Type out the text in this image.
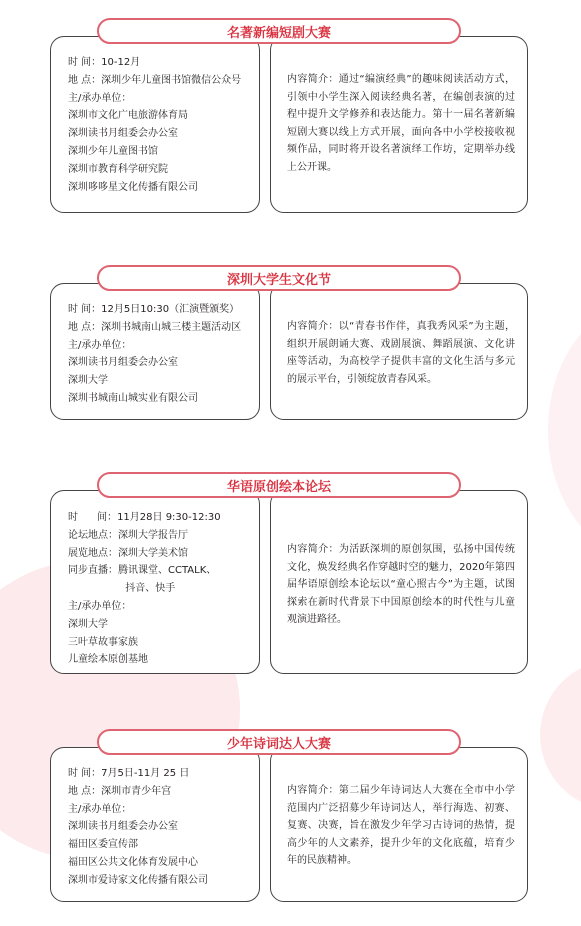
名著新编短剧大赛
时 间：10-12月
地 点：深圳少年儿童图书馆微信公众号
主/承办单位：
深圳市文化广电旅游体育局
深圳读书月组委会办公室
深圳少年儿童图书馆
深圳市教育科学研究院
深圳哆哆星文化传播有限公司
内容简介：通过“编演经典”的趣味阅读活动方式，引领中小学生深入阅读经典名著，在编创表演的过程中提升文学修养和表达能力。第十一届名著新编短剧大赛以线上方式开展，面向各中小学校接收视频作品，同时将开设名著演绎工作坊，定期举办线上公开课。
深圳大学生文化节
时 间：12月5日10:30（汇演暨颁奖）
地 点：深圳书城南山城三楼主题活动区
主/承办单位：
深圳读书月组委会办公室
深圳大学
深圳书城南山城实业有限公司
内容简介：以“青春书作伴，真我秀风采”为主题，组织开展朗诵大赛、戏剧展演、舞蹈展演、文化讲座等活动，为高校学子提供丰富的文化生活与多元的展示平台，引领绽放青春风采。
华语原创绘本论坛
时      间：11月28日 9:30-12:30
论坛地点：深圳大学报告厅
展览地点：深圳大学美术馆
同步直播：腾讯课堂、CCTALK、
抖音、快手
主/承办单位：
深圳大学
三叶草故事家族
儿童绘本原创基地
内容简介：为活跃深圳的原创氛围，弘扬中国传统文化，焕发经典名作穿越时空的魅力，2020年第四届华语原创绘本论坛以“童心照古今”为主题，试图探索在新时代背景下中国原创绘本的时代性与儿童观演进路径。
少年诗词达人大赛
时 间：7月5日-11月 25 日
地 点：深圳市青少年宫
主/承办单位：
深圳读书月组委会办公室
福田区委宣传部
福田区公共文化体育发展中心
深圳市爱诗家文化传播有限公司
内容简介：第二届少年诗词达人大赛在全市中小学范围内广泛招募少年诗词达人，举行海选、初赛、复赛、决赛，旨在激发少年学习古诗词的热情，提高少年的人文素养，提升少年的文化底蕴，培育少年的民族精神。
